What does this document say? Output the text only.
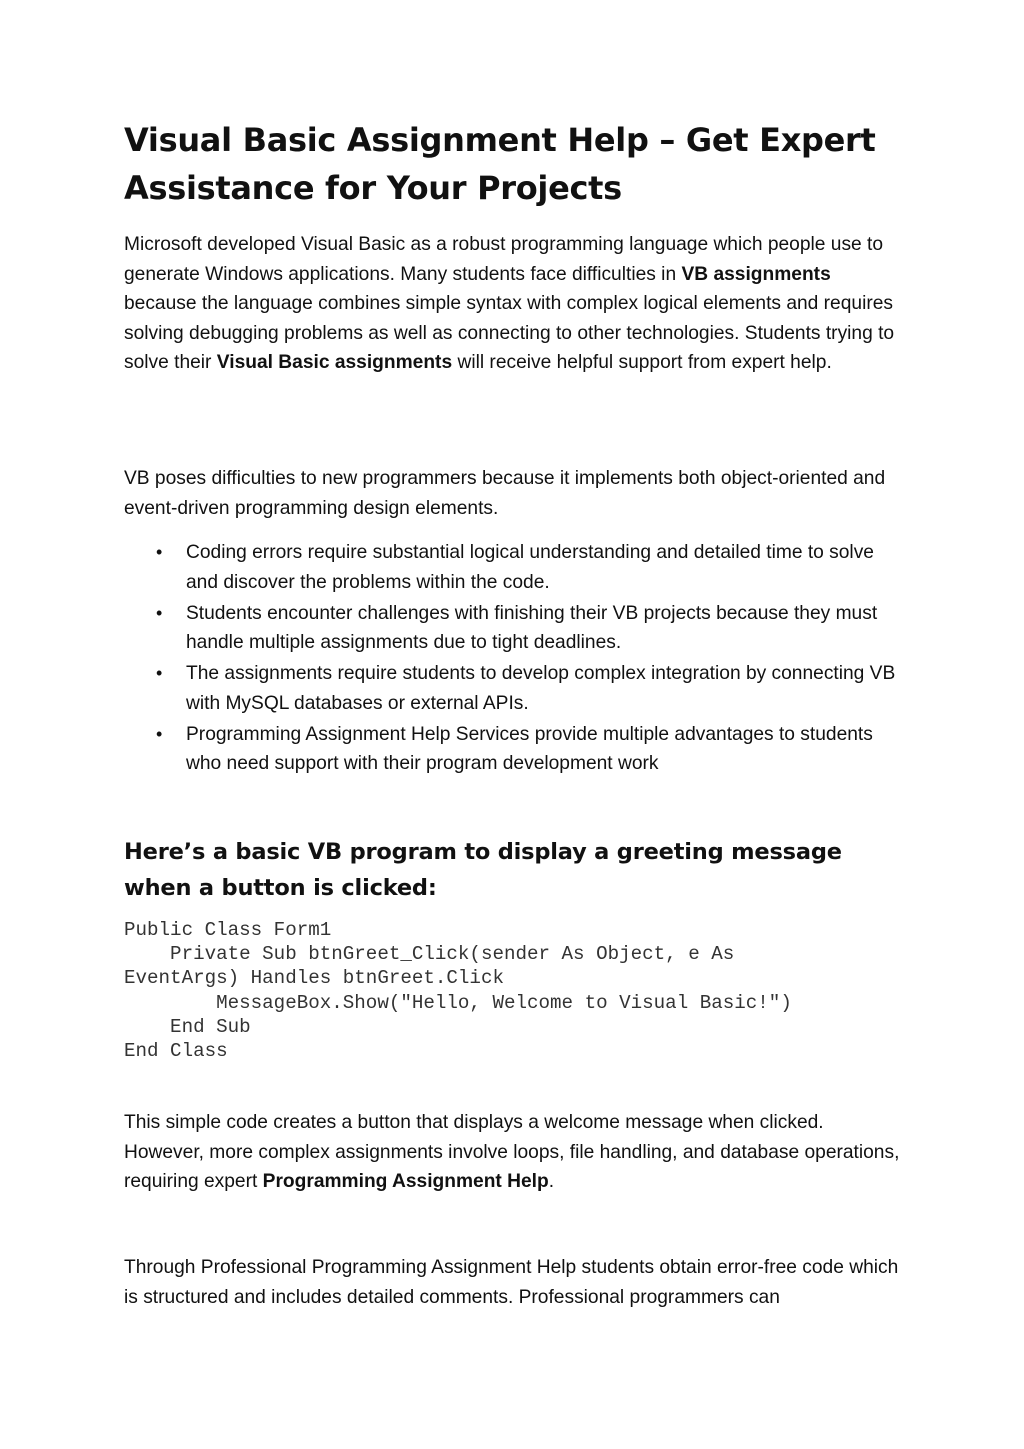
Visual Basic Assignment Help – Get Expert Assistance for Your Projects

Microsoft developed Visual Basic as a robust programming language which people use to generate Windows applications. Many students face difficulties in VB assignments because the language combines simple syntax with complex logical elements and requires solving debugging problems as well as connecting to other technologies. Students trying to solve their Visual Basic assignments will receive helpful support from expert help.

VB poses difficulties to new programmers because it implements both object-oriented and event-driven programming design elements.

• Coding errors require substantial logical understanding and detailed time to solve and discover the problems within the code.
• Students encounter challenges with finishing their VB projects because they must handle multiple assignments due to tight deadlines.
• The assignments require students to develop complex integration by connecting VB with MySQL databases or external APIs.
• Programming Assignment Help Services provide multiple advantages to students who need support with their program development work
Here’s a basic VB program to display a greeting message when a button is clicked:
Public Class Form1
Private Sub btnGreet_Click(sender As Object, e As
EventArgs) Handles btnGreet.Click
MessageBox.Show("Hello, Welcome to Visual Basic!")
End Sub
End Class

This simple code creates a button that displays a welcome message when clicked. However, more complex assignments involve loops, file handling, and database operations, requiring expert Programming Assignment Help.

Through Professional Programming Assignment Help students obtain error-free code which is structured and includes detailed comments. Professional programmers can
